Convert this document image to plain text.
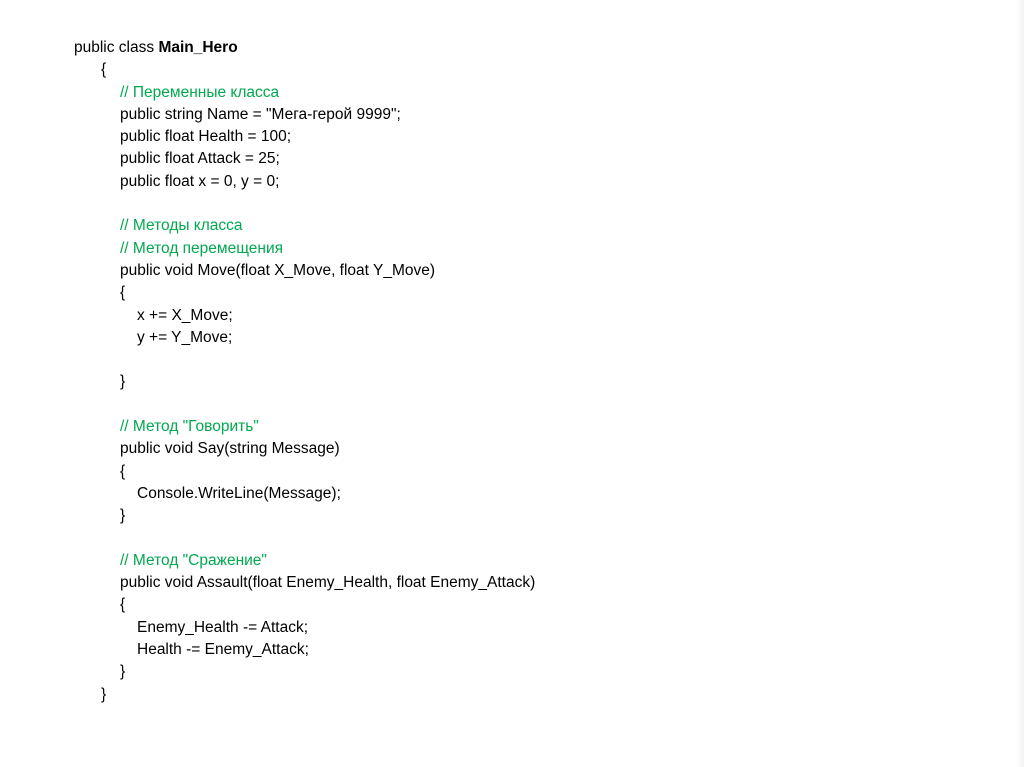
public class Main_Hero
{
// Переменные класса
public string Name = "Мега-герой 9999";
public float Health = 100;
public float Attack = 25;
public float x = 0, y = 0;
// Методы класса
// Метод перемещения
public void Move(float X_Move, float Y_Move)
{
x += X_Move;
y += Y_Move;
}
// Метод "Говорить"
public void Say(string Message)
{
Console.WriteLine(Message);
}
// Метод "Сражение"
public void Assault(float Enemy_Health, float Enemy_Attack)
{
Enemy_Health -= Attack;
Health -= Enemy_Attack;
}
}
